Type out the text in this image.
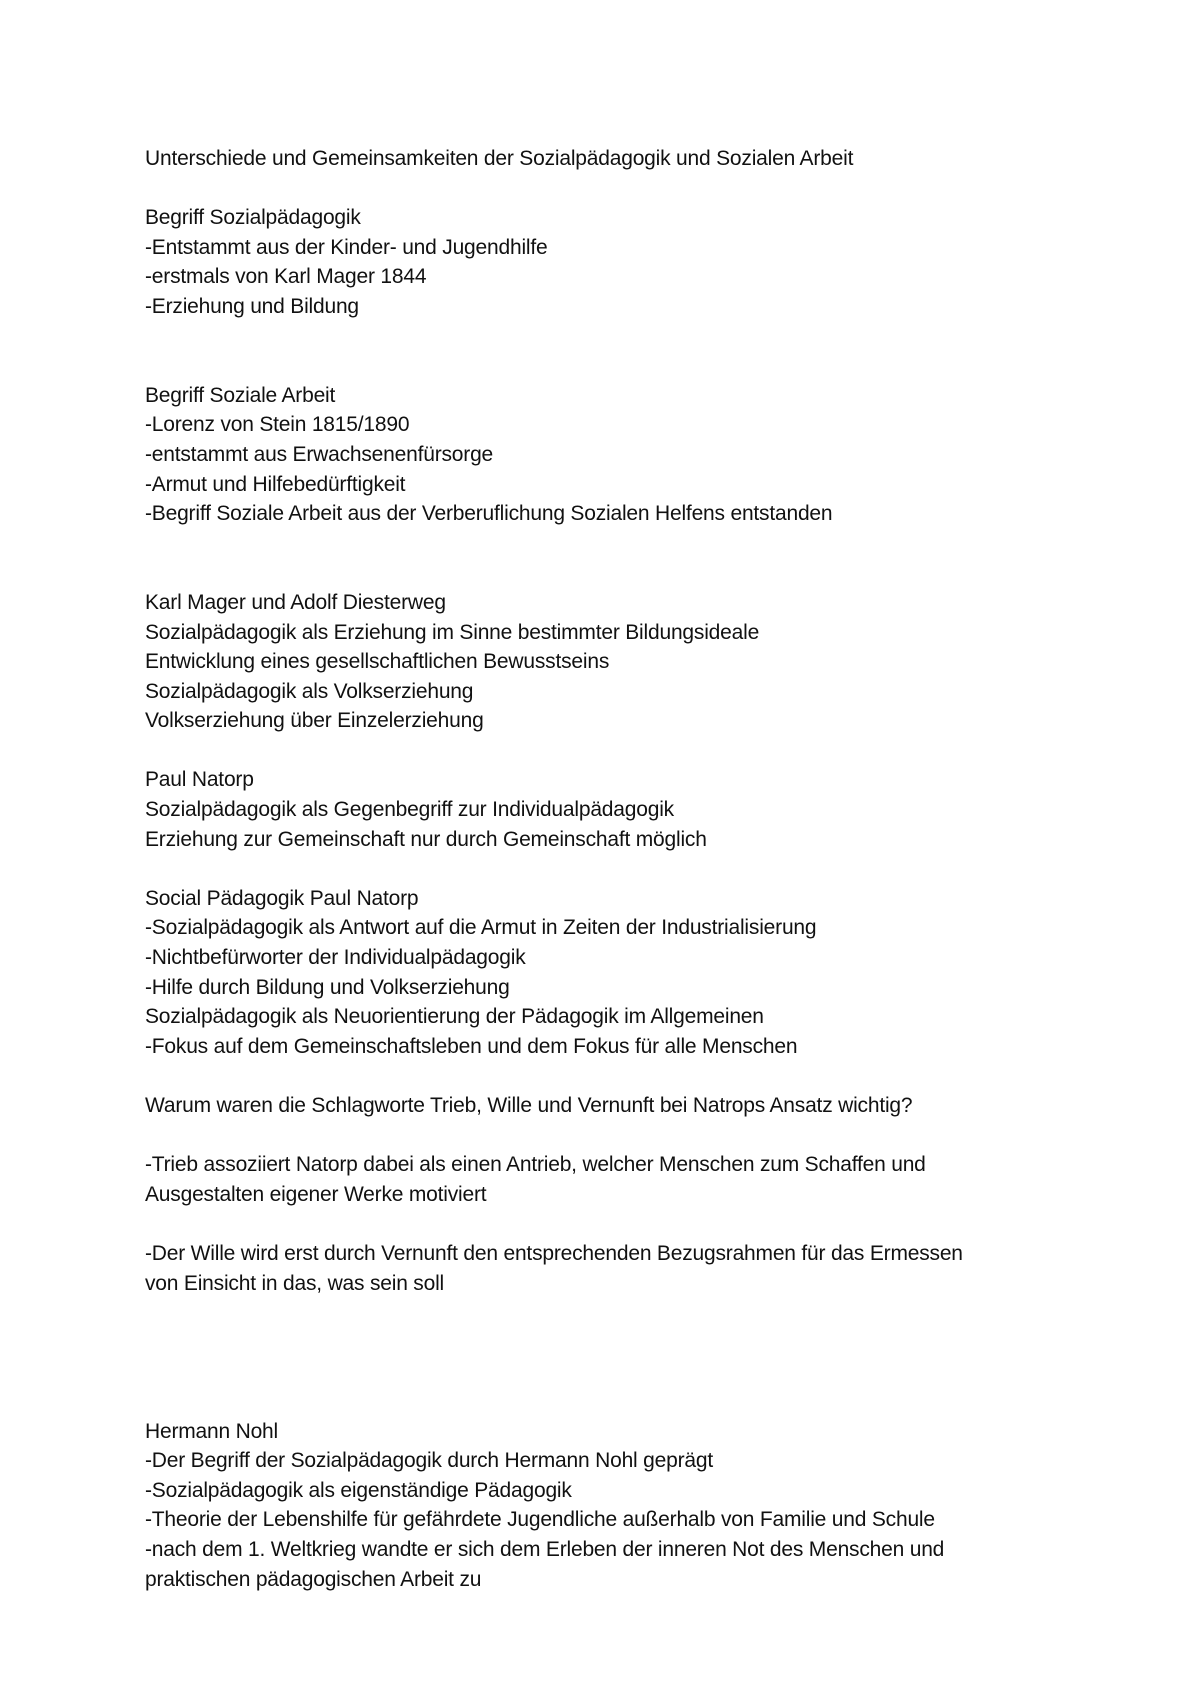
Unterschiede und Gemeinsamkeiten der Sozialpädagogik und Sozialen Arbeit
Begriff Sozialpädagogik
-Entstammt aus der Kinder- und Jugendhilfe
-erstmals von Karl Mager 1844
-Erziehung und Bildung
Begriff Soziale Arbeit
-Lorenz von Stein 1815/1890
-entstammt aus Erwachsenenfürsorge
-Armut und Hilfebedürftigkeit
-Begriff Soziale Arbeit aus der Verberuflichung Sozialen Helfens entstanden
Karl Mager und Adolf Diesterweg
Sozialpädagogik als Erziehung im Sinne bestimmter Bildungsideale
Entwicklung eines gesellschaftlichen Bewusstseins
Sozialpädagogik als Volkserziehung
Volkserziehung über Einzelerziehung
Paul Natorp
Sozialpädagogik als Gegenbegriff zur Individualpädagogik
Erziehung zur Gemeinschaft nur durch Gemeinschaft möglich
Social Pädagogik Paul Natorp
-Sozialpädagogik als Antwort auf die Armut in Zeiten der Industrialisierung
-Nichtbefürworter der Individualpädagogik
-Hilfe durch Bildung und Volkserziehung
Sozialpädagogik als Neuorientierung der Pädagogik im Allgemeinen
-Fokus auf dem Gemeinschaftsleben und dem Fokus für alle Menschen
Warum waren die Schlagworte Trieb, Wille und Vernunft bei Natrops Ansatz wichtig?
-Trieb assoziiert Natorp dabei als einen Antrieb, welcher Menschen zum Schaffen und
Ausgestalten eigener Werke motiviert
-Der Wille wird erst durch Vernunft den entsprechenden Bezugsrahmen für das Ermessen
von Einsicht in das, was sein soll
Hermann Nohl
-Der Begriff der Sozialpädagogik durch Hermann Nohl geprägt
-Sozialpädagogik als eigenständige Pädagogik
-Theorie der Lebenshilfe für gefährdete Jugendliche außerhalb von Familie und Schule
-nach dem 1. Weltkrieg wandte er sich dem Erleben der inneren Not des Menschen und
praktischen pädagogischen Arbeit zu
